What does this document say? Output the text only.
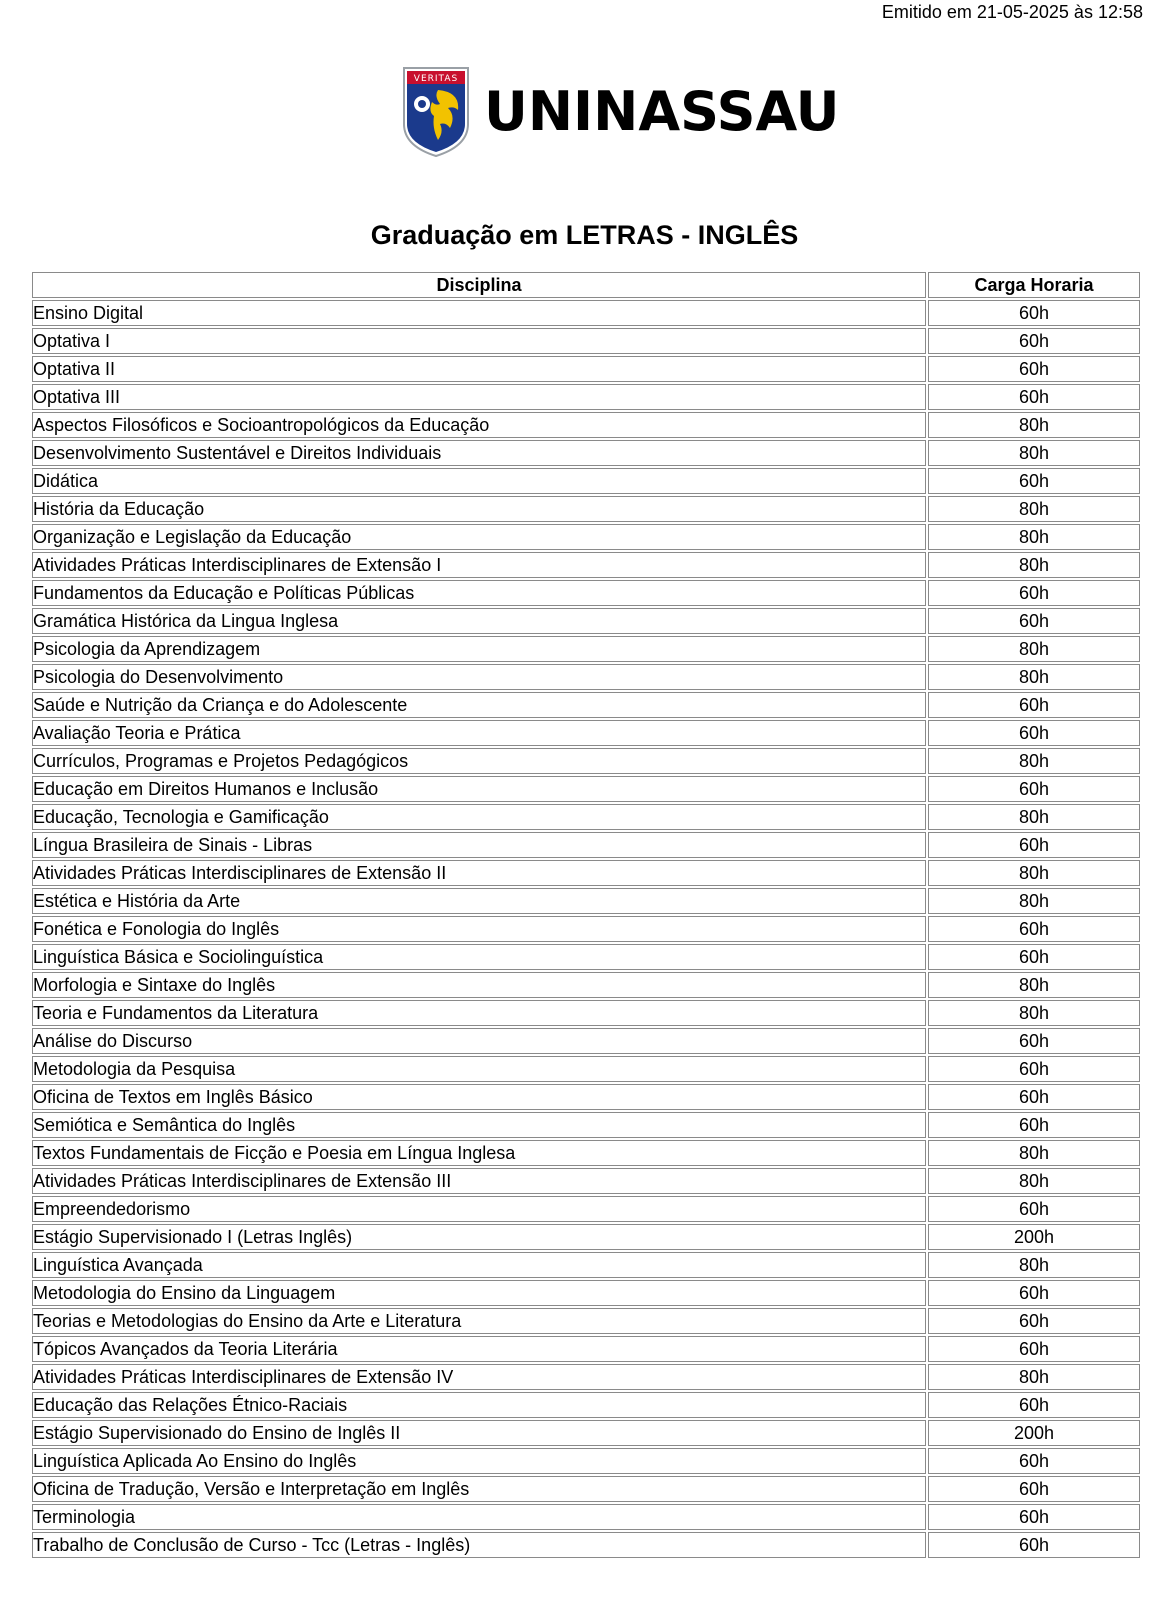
Emitido em 21-05-2025 às 12:58
VERITAS
UNINASSAU
Graduação em LETRAS - INGLÊS
Disciplina	Carga Horaria
Ensino Digital	60h
Optativa I	60h
Optativa II	60h
Optativa III	60h
Aspectos Filosóficos e Socioantropológicos da Educação	80h
Desenvolvimento Sustentável e Direitos Individuais	80h
Didática	60h
História da Educação	80h
Organização e Legislação da Educação	80h
Atividades Práticas Interdisciplinares de Extensão I	80h
Fundamentos da Educação e Políticas Públicas	60h
Gramática Histórica da Lingua Inglesa	60h
Psicologia da Aprendizagem	80h
Psicologia do Desenvolvimento	80h
Saúde e Nutrição da Criança e do Adolescente	60h
Avaliação Teoria e Prática	60h
Currículos, Programas e Projetos Pedagógicos	80h
Educação em Direitos Humanos e Inclusão	60h
Educação, Tecnologia e Gamificação	80h
Língua Brasileira de Sinais - Libras	60h
Atividades Práticas Interdisciplinares de Extensão II	80h
Estética e História da Arte	80h
Fonética e Fonologia do Inglês	60h
Linguística Básica e Sociolinguística	60h
Morfologia e Sintaxe do Inglês	80h
Teoria e Fundamentos da Literatura	80h
Análise do Discurso	60h
Metodologia da Pesquisa	60h
Oficina de Textos em Inglês Básico	60h
Semiótica e Semântica do Inglês	60h
Textos Fundamentais de Ficção e Poesia em Língua Inglesa	80h
Atividades Práticas Interdisciplinares de Extensão III	80h
Empreendedorismo	60h
Estágio Supervisionado I (Letras Inglês)	200h
Linguística Avançada	80h
Metodologia do Ensino da Linguagem	60h
Teorias e Metodologias do Ensino da Arte e Literatura	60h
Tópicos Avançados da Teoria Literária	60h
Atividades Práticas Interdisciplinares de Extensão IV	80h
Educação das Relações Étnico-Raciais	60h
Estágio Supervisionado do Ensino de Inglês II	200h
Linguística Aplicada Ao Ensino do Inglês	60h
Oficina de Tradução, Versão e Interpretação em Inglês	60h
Terminologia	60h
Trabalho de Conclusão de Curso - Tcc (Letras - Inglês)	60h
